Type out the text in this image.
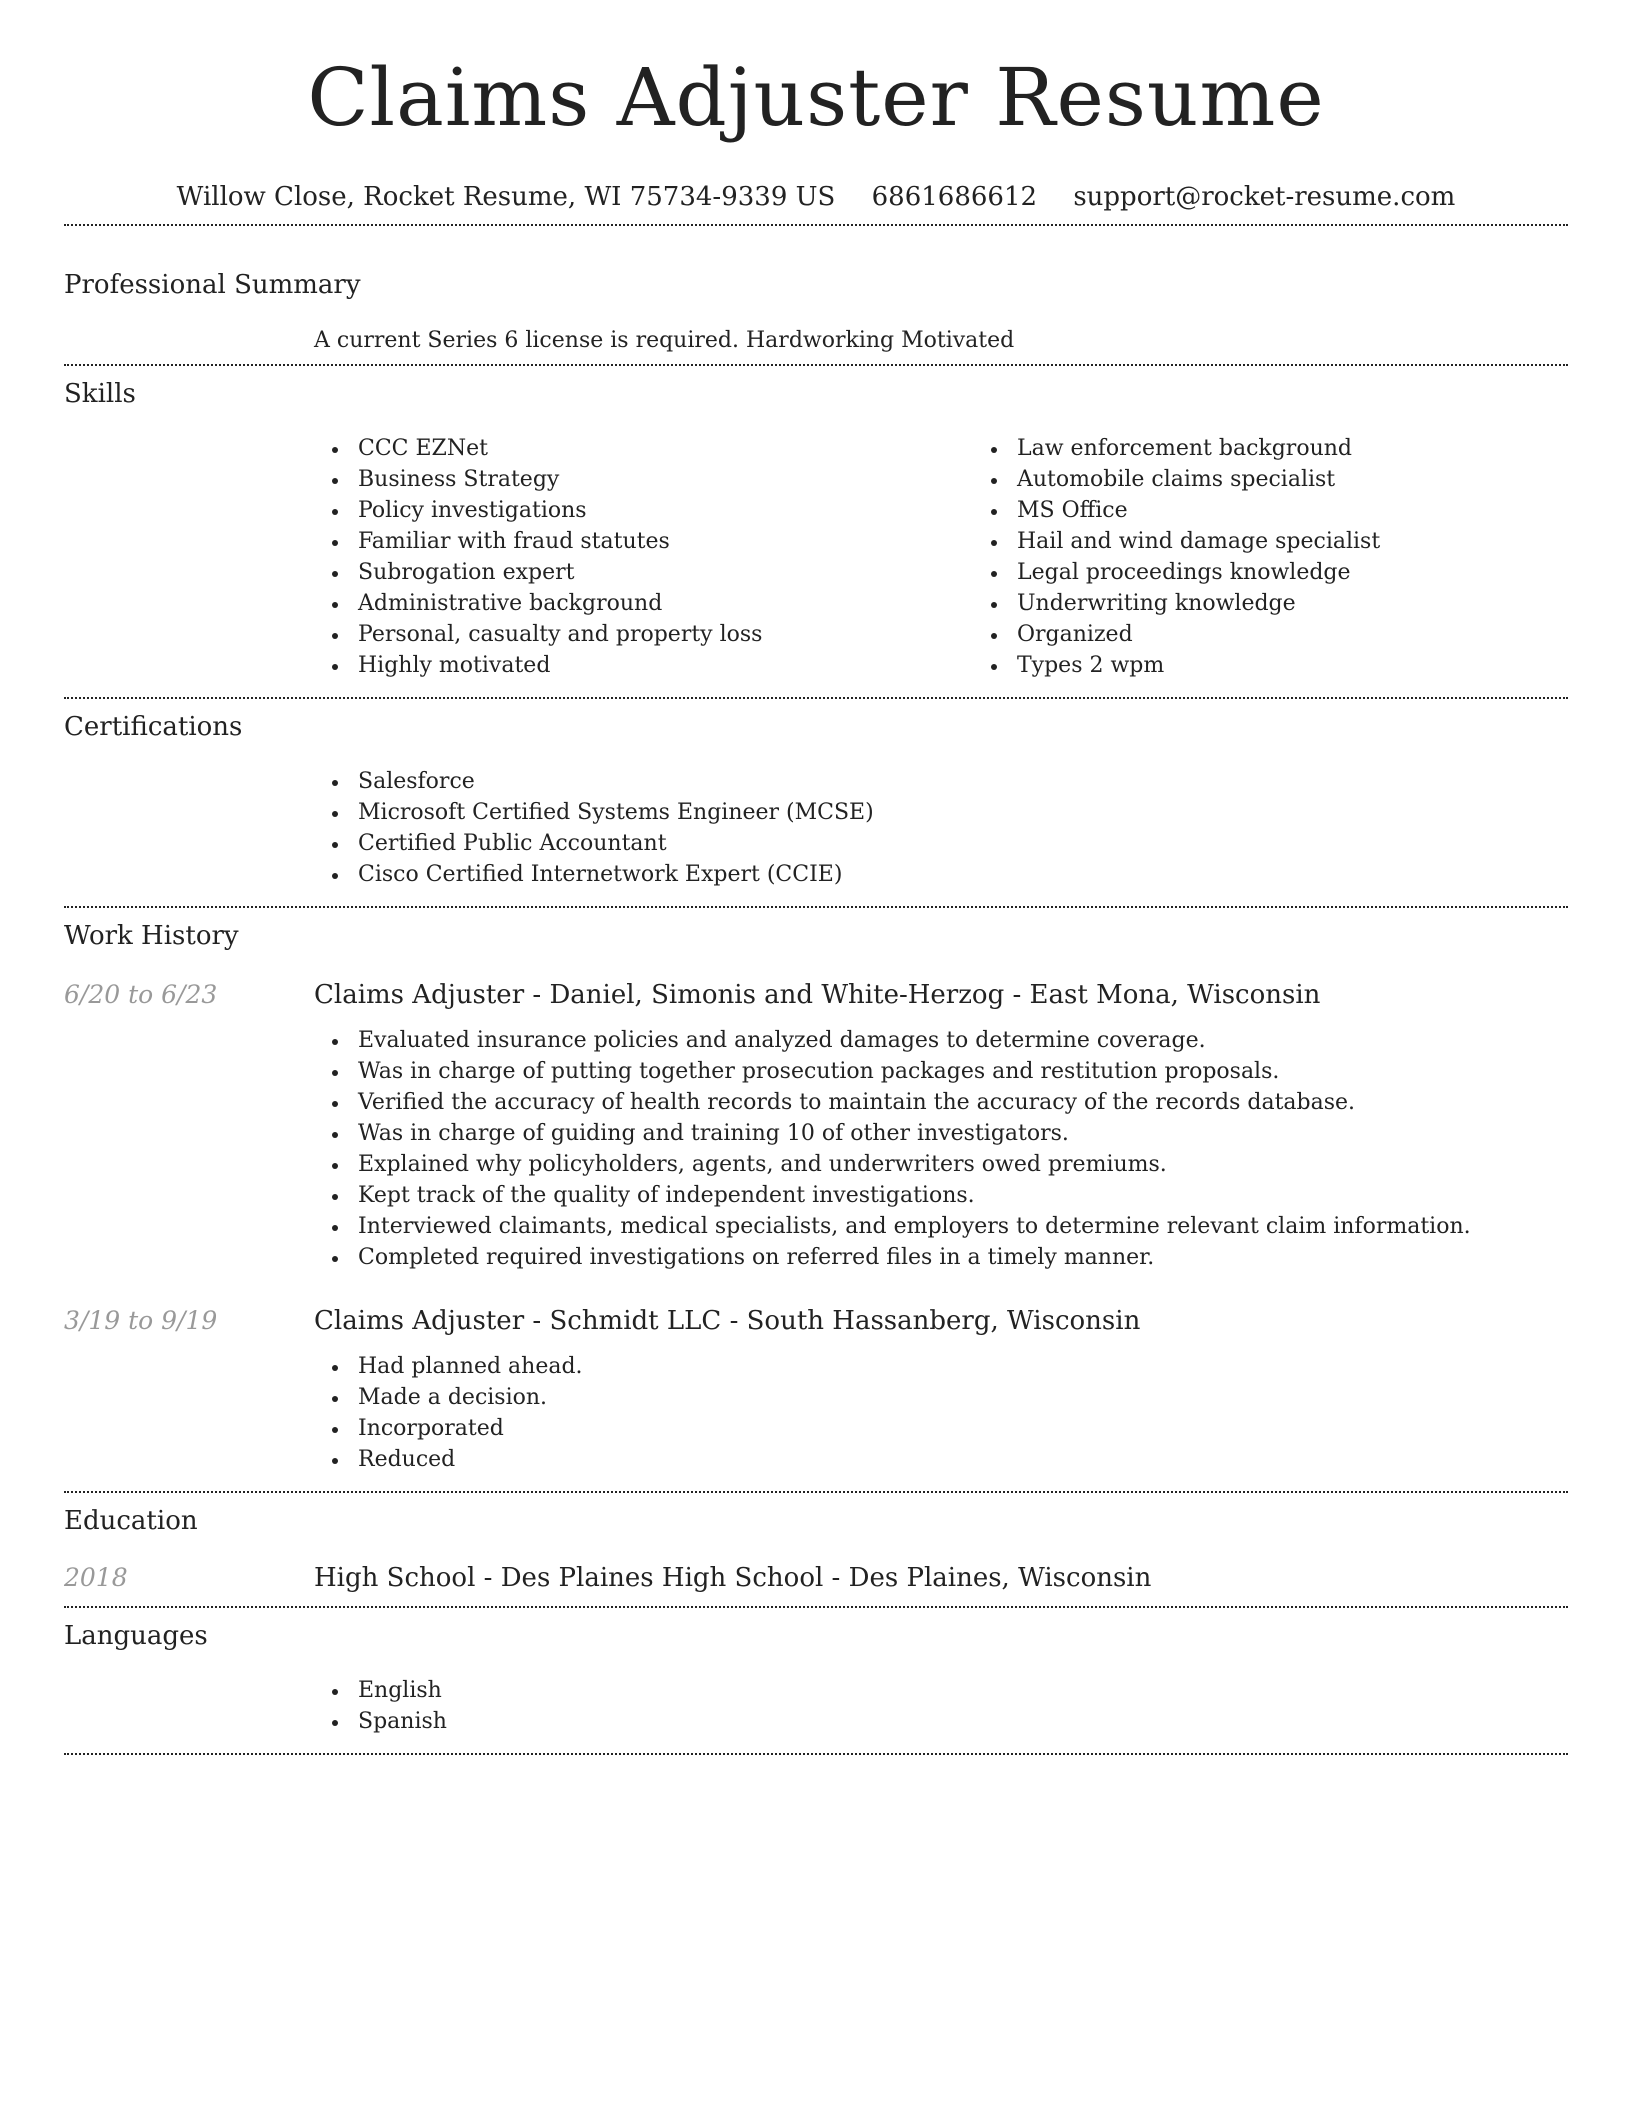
Claims Adjuster Resume
Willow Close, Rocket Resume, WI 75734-9339 US 6861686612 support@rocket-resume.com
Professional Summary
A current Series 6 license is required. Hardworking Motivated
Skills
CCC EZNet
Business Strategy
Policy investigations
Familiar with fraud statutes
Subrogation expert
Administrative background
Personal, casualty and property loss
Highly motivated
Law enforcement background
Automobile claims specialist
MS Office
Hail and wind damage specialist
Legal proceedings knowledge
Underwriting knowledge
Organized
Types 2 wpm
Certifications
Salesforce
Microsoft Certified Systems Engineer (MCSE)
Certified Public Accountant
Cisco Certified Internetwork Expert (CCIE)
Work History
6/20 to 6/23	Claims Adjuster - Daniel, Simonis and White-Herzog - East Mona, Wisconsin
Evaluated insurance policies and analyzed damages to determine coverage.
Was in charge of putting together prosecution packages and restitution proposals.
Verified the accuracy of health records to maintain the accuracy of the records database.
Was in charge of guiding and training 10 of other investigators.
Explained why policyholders, agents, and underwriters owed premiums.
Kept track of the quality of independent investigations.
Interviewed claimants, medical specialists, and employers to determine relevant claim information.
Completed required investigations on referred files in a timely manner.
3/19 to 9/19	Claims Adjuster - Schmidt LLC - South Hassanberg, Wisconsin
Had planned ahead.
Made a decision.
Incorporated
Reduced
Education
2018	High School - Des Plaines High School - Des Plaines, Wisconsin
Languages
English
Spanish
